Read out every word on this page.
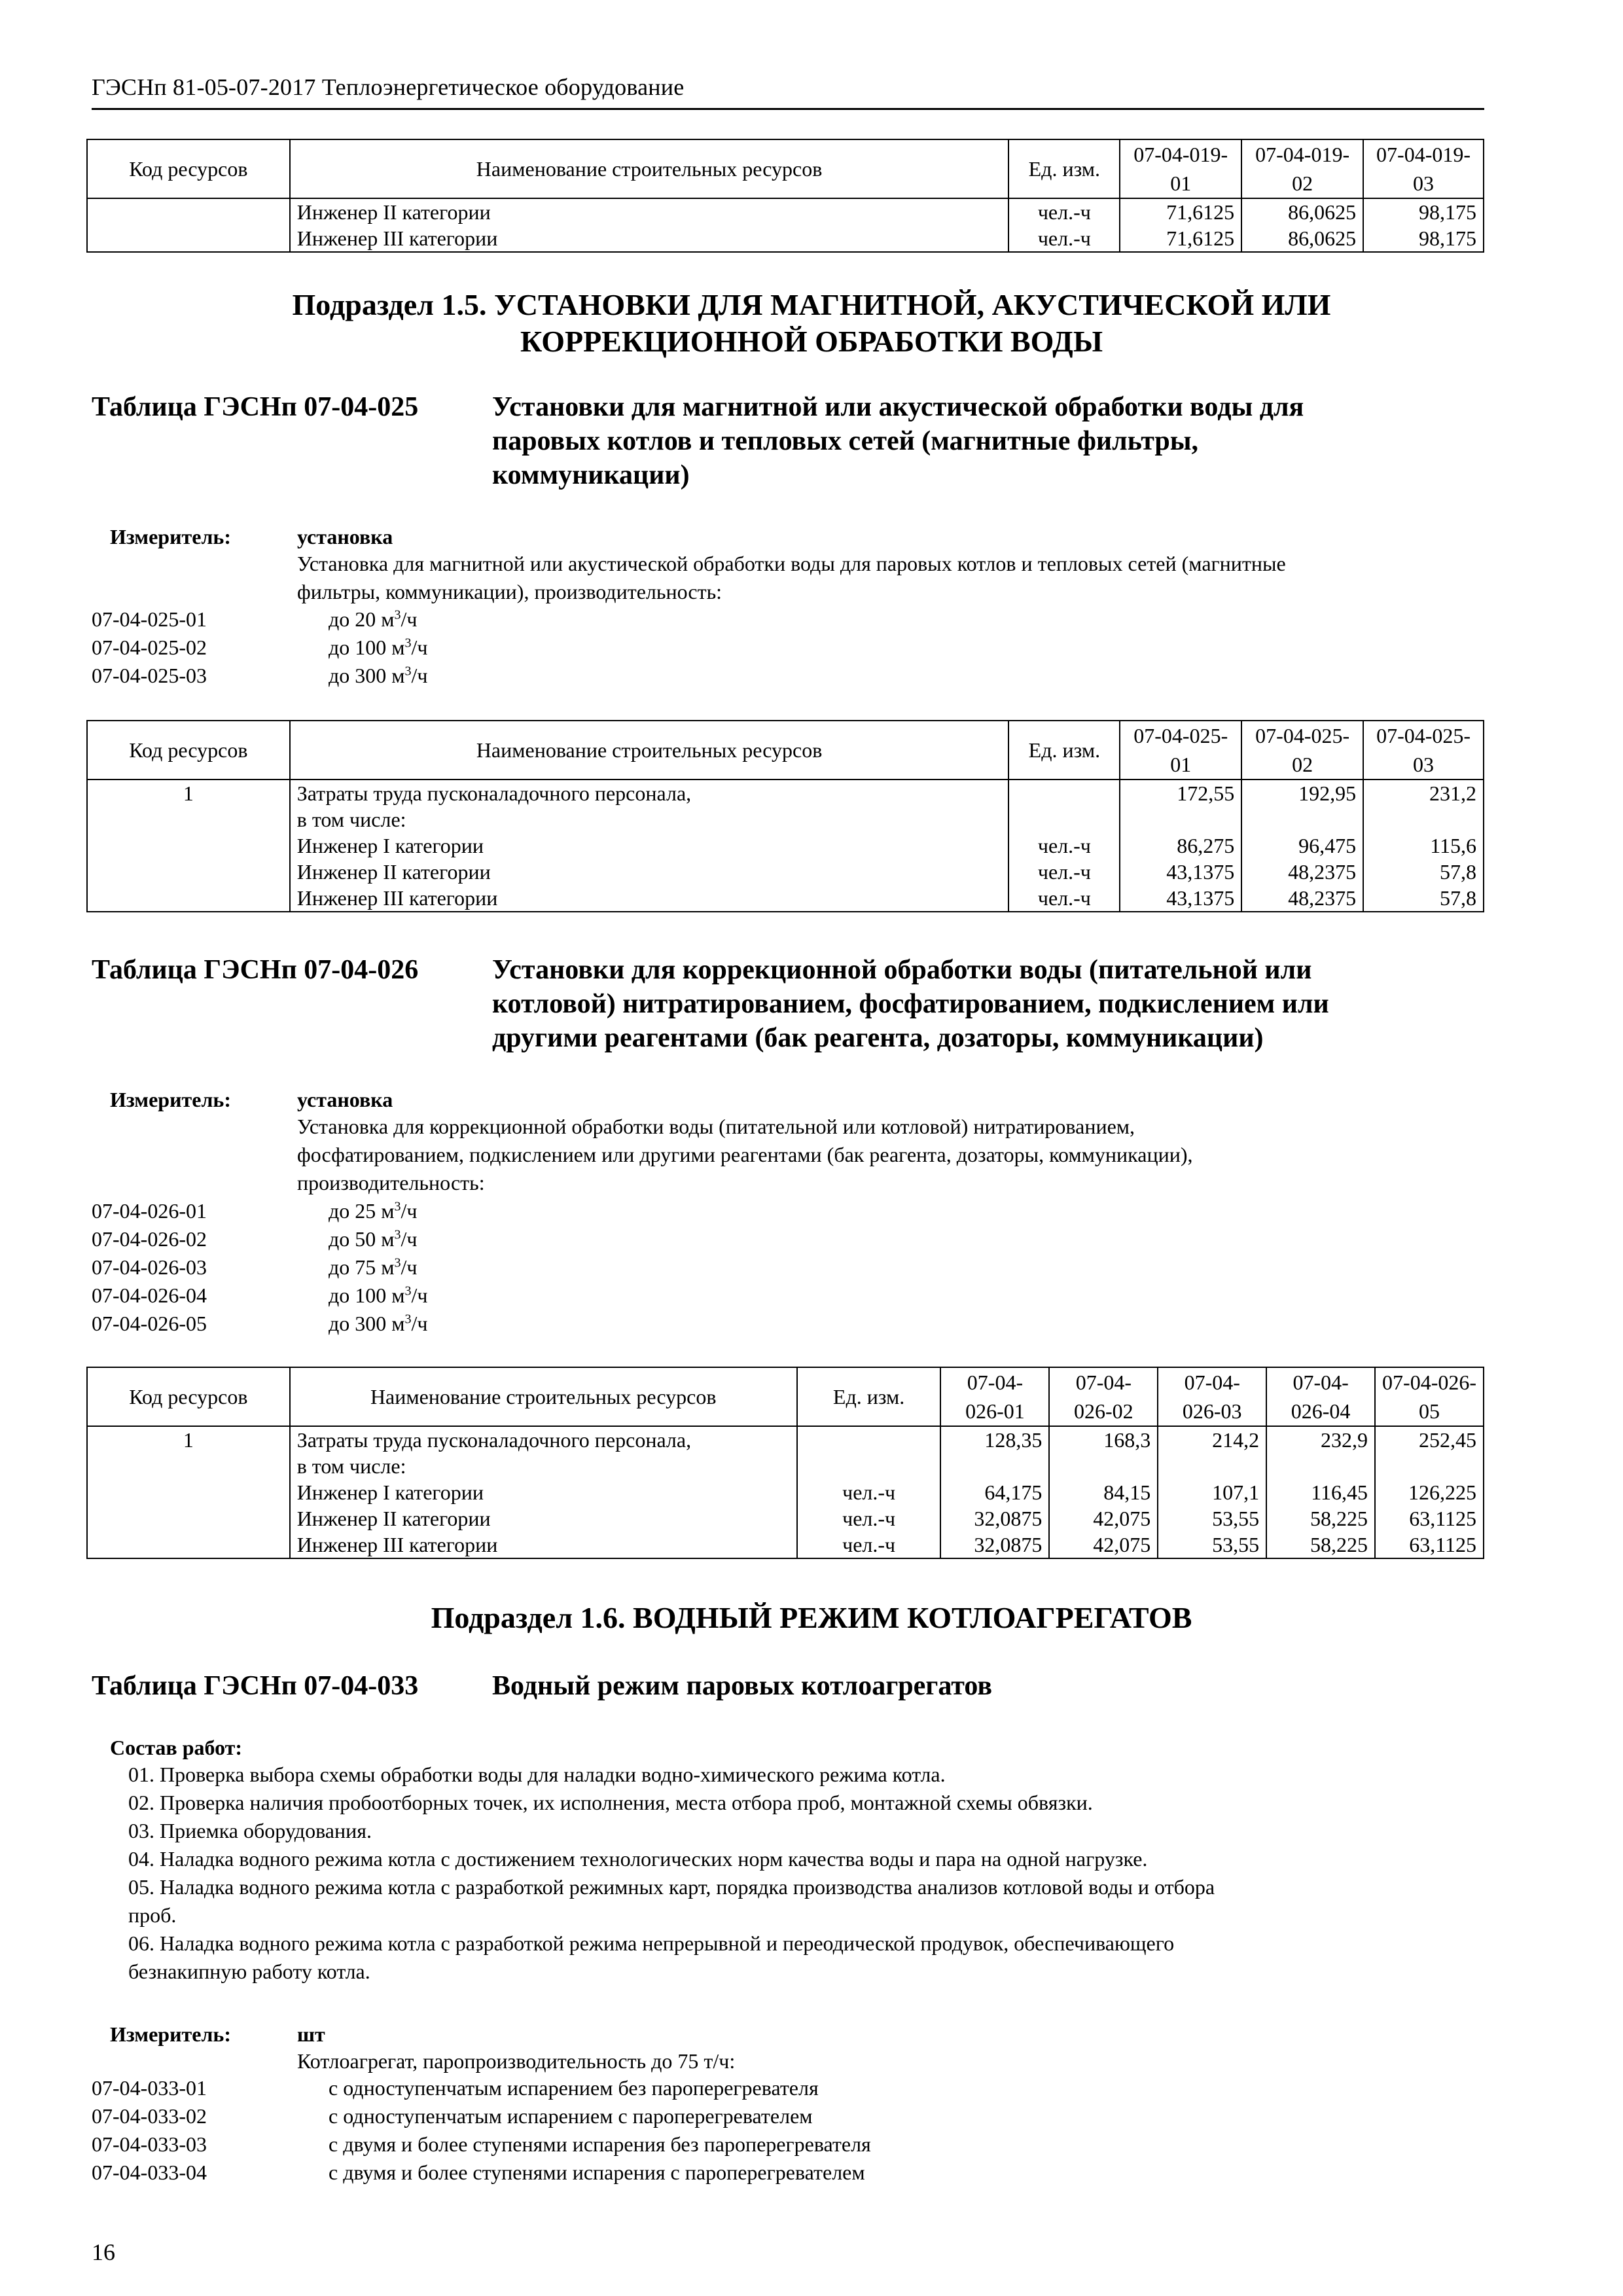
ГЭСНп 81-05-07-2017 Теплоэнергетическое оборудование
Код ресурсов	Наименование строительных ресурсов	Ед. изм.	07-04-019-01	07-04-019-02	07-04-019-03
	Инженер II категории	чел.-ч	71,6125	86,0625	98,175
	Инженер III категории	чел.-ч	71,6125	86,0625	98,175
Подраздел 1.5. УСТАНОВКИ ДЛЯ МАГНИТНОЙ, АКУСТИЧЕСКОЙ ИЛИ
КОРРЕКЦИОННОЙ ОБРАБОТКИ ВОДЫ
Таблица ГЭСНп 07-04-025	Установки для магнитной или акустической обработки воды для
паровых котлов и тепловых сетей (магнитные фильтры,
коммуникации)
Измеритель:	установка
Установка для магнитной или акустической обработки воды для паровых котлов и тепловых сетей (магнитные
фильтры, коммуникации), производительность:
07-04-025-01	до 20 $м^3/ч$
07-04-025-02	до 100 $м^3/ч$
07-04-025-03	до 300 $м^3/ч$
Код ресурсов	Наименование строительных ресурсов	Ед. изм.	07-04-025-01	07-04-025-02	07-04-025-03
1	Затраты труда пусконаладочного персонала,		172,55	192,95	231,2
	в том числе:				
	Инженер I категории	чел.-ч	86,275	96,475	115,6
	Инженер II категории	чел.-ч	43,1375	48,2375	57,8
	Инженер III категории	чел.-ч	43,1375	48,2375	57,8
Таблица ГЭСНп 07-04-026	Установки для коррекционной обработки воды (питательной или
котловой) нитратированием, фосфатированием, подкислением или
другими реагентами (бак реагента, дозаторы, коммуникации)
Измеритель:	установка
Установка для коррекционной обработки воды (питательной или котловой) нитратированием,
фосфатированием, подкислением или другими реагентами (бак реагента, дозаторы, коммуникации),
производительность:
07-04-026-01	до 25 $м^3/ч$
07-04-026-02	до 50 $м^3/ч$
07-04-026-03	до 75 $м^3/ч$
07-04-026-04	до 100 $м^3/ч$
07-04-026-05	до 300 $м^3/ч$
Код ресурсов	Наименование строительных ресурсов	Ед. изм.	07-04-026-01	07-04-026-02	07-04-026-03	07-04-026-04	07-04-026-05
1	Затраты труда пусконаладочного персонала,		128,35	168,3	214,2	232,9	252,45
	в том числе:						
	Инженер I категории	чел.-ч	64,175	84,15	107,1	116,45	126,225
	Инженер II категории	чел.-ч	32,0875	42,075	53,55	58,225	63,1125
	Инженер III категории	чел.-ч	32,0875	42,075	53,55	58,225	63,1125
Подраздел 1.6. ВОДНЫЙ РЕЖИМ КОТЛОАГРЕГАТОВ
Таблица ГЭСНп 07-04-033	Водный режим паровых котлоагрегатов
Состав работ:
01. Проверка выбора схемы обработки воды для наладки водно-химического режима котла.
02. Проверка наличия пробоотборных точек, их исполнения, места отбора проб, монтажной схемы обвязки.
03. Приемка оборудования.
04. Наладка водного режима котла с достижением технологических норм качества воды и пара на одной нагрузке.
05. Наладка водного режима котла с разработкой режимных карт, порядка производства анализов котловой воды и отбора
проб.
06. Наладка водного режима котла с разработкой режима непрерывной и переодической продувок, обеспечивающего
безнакипную работу котла.
Измеритель:	шт
Котлоагрегат, паропроизводительность до 75 т/ч:
07-04-033-01	с одноступенчатым испарением без пароперегревателя
07-04-033-02	с одноступенчатым испарением с пароперегревателем
07-04-033-03	с двумя и более ступенями испарения без пароперегревателя
07-04-033-04	с двумя и более ступенями испарения с пароперегревателем
16
